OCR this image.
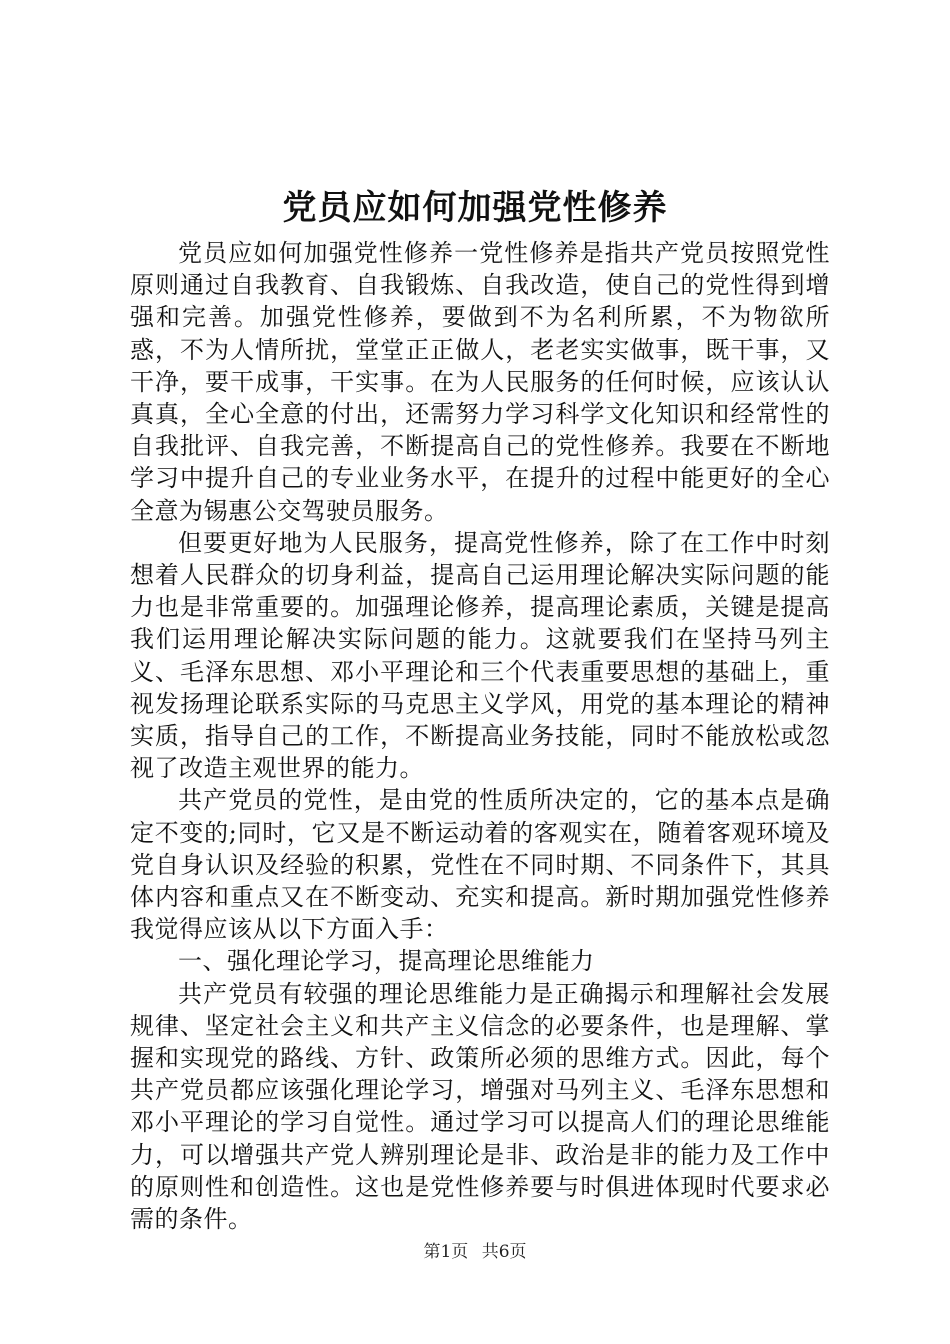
党员应如何加强党性修养

党员应如何加强党性修养一党性修养是指共产党员按照党性原则通过自我教育、自我锻炼、自我改造，使自己的党性得到增强和完善。加强党性修养，要做到不为名利所累，不为物欲所惑，不为人情所扰，堂堂正正做人，老老实实做事，既干事，又干净，要干成事，干实事。在为人民服务的任何时候，应该认认真真，全心全意的付出，还需努力学习科学文化知识和经常性的自我批评、自我完善，不断提高自己的党性修养。我要在不断地学习中提升自己的专业业务水平，在提升的过程中能更好的全心全意为锡惠公交驾驶员服务。

但要更好地为人民服务，提高党性修养，除了在工作中时刻想着人民群众的切身利益，提高自己运用理论解决实际问题的能力也是非常重要的。加强理论修养，提高理论素质，关键是提高我们运用理论解决实际问题的能力。这就要我们在坚持马列主义、毛泽东思想、邓小平理论和三个代表重要思想的基础上，重视发扬理论联系实际的马克思主义学风，用党的基本理论的精神实质，指导自己的工作，不断提高业务技能，同时不能放松或忽视了改造主观世界的能力。

共产党员的党性，是由党的性质所决定的，它的基本点是确定不变的;同时，它又是不断运动着的客观实在，随着客观环境及党自身认识及经验的积累，党性在不同时期、不同条件下，其具体内容和重点又在不断变动、充实和提高。新时期加强党性修养我觉得应该从以下方面入手：

一、强化理论学习，提高理论思维能力

共产党员有较强的理论思维能力是正确揭示和理解社会发展规律、坚定社会主义和共产主义信念的必要条件，也是理解、掌握和实现党的路线、方针、政策所必须的思维方式。因此，每个共产党员都应该强化理论学习，增强对马列主义、毛泽东思想和邓小平理论的学习自觉性。通过学习可以提高人们的理论思维能力，可以增强共产党人辨别理论是非、政治是非的能力及工作中的原则性和创造性。这也是党性修养要与时俱进体现时代要求必需的条件。

第1页 共6页
